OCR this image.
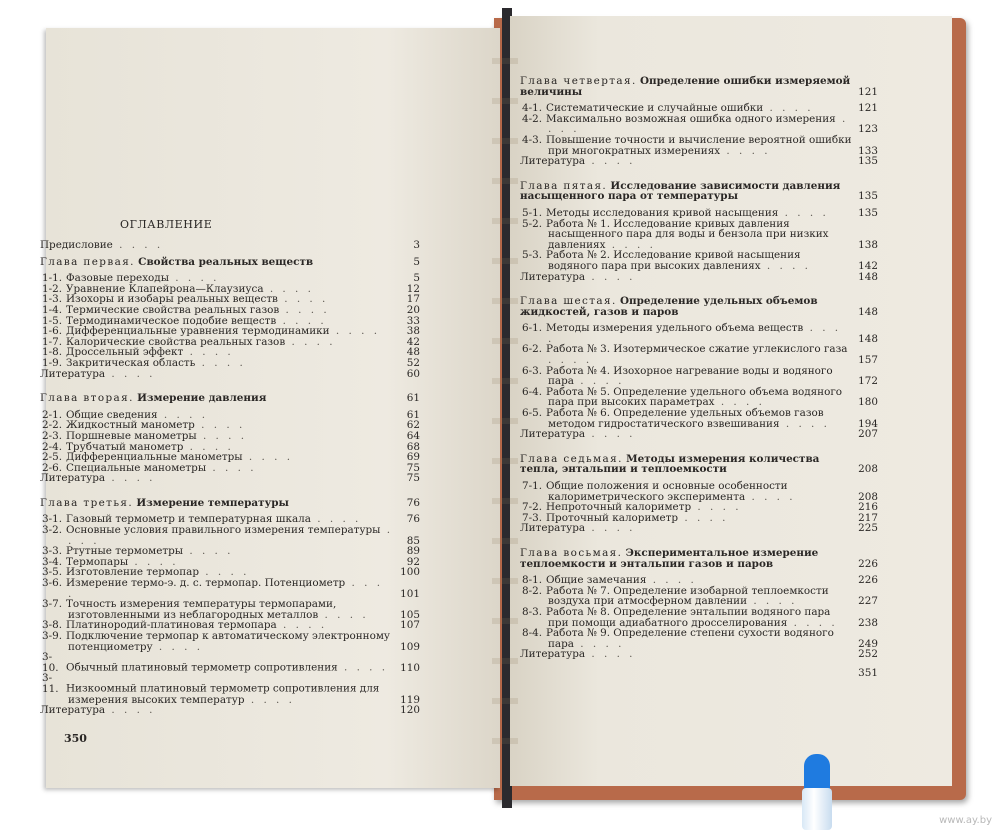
ОГЛАВЛЕНИЕ
Предисловие . . . .	3
Глава первая. Свойства реальных веществ	5
1-1. Фазовые переходы . . . .	5
1-2. Уравнение Клапейрона—Клаузиуса . . . .	12
1-3. Изохоры и изобары реальных веществ . . . .	17
1-4. Термические свойства реальных газов . . . .	20
1-5. Термодинамическое подобие веществ . . . .	33
1-6. Дифференциальные уравнения термодинамики . . . .	38
1-7. Калорические свойства реальных газов . . . .	42
1-8. Дроссельный эффект . . . .	48
1-9. Закритическая область . . . .	52
Литература . . . .	60
Глава вторая. Измерение давления	61
2-1. Общие сведения . . . .	61
2-2. Жидкостный манометр . . . .	62
2-3. Поршневые манометры . . . .	64
2-4. Трубчатый манометр . . . .	68
2-5. Дифференциальные манометры . . . .	69
2-6. Специальные манометры . . . .	75
Литература . . . .	75
Глава третья. Измерение температуры	76
3-1. Газовый термометр и температурная шкала . . . .	76
3-2. Основные условия правильного измерения температуры . . . .	85
3-3. Ртутные термометры . . . .	89
3-4. Термопары . . . .	92
3-5. Изготовление термопар . . . .	100
3-6. Измерение термо-э. д. с. термопар. Потенциометр . . . .	101
3-7. Точность измерения температуры термопарами, изготовленными из неблагородных металлов . . . .	105
3-8. Платинородий-платиновая термопара . . . .	107
3-9. Подключение термопар к автоматическому электронному потенциометру . . . .	109
3-10. Обычный платиновый термометр сопротивления . . . .	110
3-11. Низкоомный платиновый термометр сопротивления для измерения высоких температур . . . .	119
Литература . . . .	120
Глава четвертая. Определение ошибки измеряемой величины	121
4-1. Систематические и случайные ошибки . . . .	121
4-2. Максимально возможная ошибка одного измерения . . . .	123
4-3. Повышение точности и вычисление вероятной ошибки при многократных измерениях . . . .	133
Литература . . . .	135
Глава пятая. Исследование зависимости давления насыщенного пара от температуры	135
5-1. Методы исследования кривой насыщения . . . .	135
5-2. Работа № 1. Исследование кривых давления насыщенного пара для воды и бензола при низких давлениях . . . .	138
5-3. Работа № 2. Исследование кривой насыщения водяного пара при высоких давлениях . . . .	142
Литература . . . .	148
Глава шестая. Определение удельных объемов жидкостей, газов и паров	148
6-1. Методы измерения удельного объема веществ . . . .	148
6-2. Работа № 3. Изотермическое сжатие углекислого газа . . . .	157
6-3. Работа № 4. Изохорное нагревание воды и водяного пара . . . .	172
6-4. Работа № 5. Определение удельного объема водяного пара при высоких параметрах . . . .	180
6-5. Работа № 6. Определение удельных объемов газов методом гидростатического взвешивания . . . .	194
Литература . . . .	207
Глава седьмая. Методы измерения количества тепла, энтальпии и теплоемкости	208
7-1. Общие положения и основные особенности калориметрического эксперимента . . . .	208
7-2. Непроточный калориметр . . . .	216
7-3. Проточный калориметр . . . .	217
Литература . . . .	225
Глава восьмая. Экспериментальное измерение теплоемкости и энтальпии газов и паров	226
8-1. Общие замечания . . . .	226
8-2. Работа № 7. Определение изобарной теплоемкости воздуха при атмосферном давлении . . . .	227
8-3. Работа № 8. Определение энтальпии водяного пара при помощи адиабатного дросселирования . . . .	238
8-4. Работа № 9. Определение степени сухости водяного пара . . . .	249
Литература . . . .	252
351
350
www.ay.by
